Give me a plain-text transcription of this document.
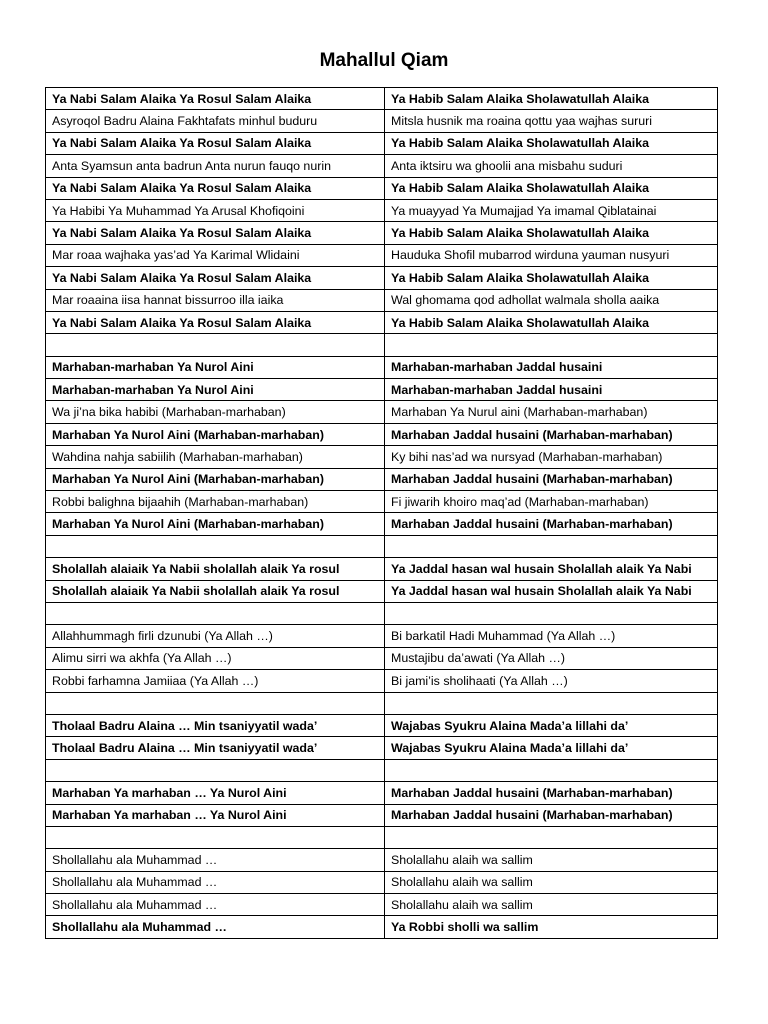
Mahallul Qiam
Ya Nabi Salam Alaika Ya Rosul Salam Alaika	Ya Habib Salam Alaika Sholawatullah Alaika
Asyroqol Badru Alaina Fakhtafats minhul buduru	Mitsla husnik ma roaina qottu yaa wajhas sururi
Ya Nabi Salam Alaika Ya Rosul Salam Alaika	Ya Habib Salam Alaika Sholawatullah Alaika
Anta Syamsun anta badrun Anta nurun fauqo nurin	Anta iktsiru wa ghoolii ana misbahu suduri
Ya Nabi Salam Alaika Ya Rosul Salam Alaika	Ya Habib Salam Alaika Sholawatullah Alaika
Ya Habibi Ya Muhammad Ya Arusal Khofiqoini	Ya muayyad Ya Mumajjad Ya imamal Qiblatainai
Ya Nabi Salam Alaika Ya Rosul Salam Alaika	Ya Habib Salam Alaika Sholawatullah Alaika
Mar roaa wajhaka yas’ad Ya Karimal Wlidaini	Hauduka Shofil mubarrod wirduna yauman nusyuri
Ya Nabi Salam Alaika Ya Rosul Salam Alaika	Ya Habib Salam Alaika Sholawatullah Alaika
Mar roaaina iisa hannat bissurroo illa iaika	Wal ghomama qod adhollat walmala sholla aaika
Ya Nabi Salam Alaika Ya Rosul Salam Alaika	Ya Habib Salam Alaika Sholawatullah Alaika

Marhaban-marhaban Ya Nurol Aini	Marhaban-marhaban Jaddal husaini
Marhaban-marhaban Ya Nurol Aini	Marhaban-marhaban Jaddal husaini
Wa ji’na bika habibi (Marhaban-marhaban)	Marhaban Ya Nurul aini (Marhaban-marhaban)
Marhaban Ya Nurol Aini (Marhaban-marhaban)	Marhaban Jaddal husaini (Marhaban-marhaban)
Wahdina nahja sabiilih (Marhaban-marhaban)	Ky bihi nas’ad wa nursyad (Marhaban-marhaban)
Marhaban Ya Nurol Aini (Marhaban-marhaban)	Marhaban Jaddal husaini (Marhaban-marhaban)
Robbi balighna bijaahih (Marhaban-marhaban)	Fi jiwarih khoiro maq’ad (Marhaban-marhaban)
Marhaban Ya Nurol Aini (Marhaban-marhaban)	Marhaban Jaddal husaini (Marhaban-marhaban)

Sholallah alaiaik Ya Nabii sholallah alaik Ya rosul	Ya Jaddal hasan wal husain Sholallah alaik Ya Nabi
Sholallah alaiaik Ya Nabii sholallah alaik Ya rosul	Ya Jaddal hasan wal husain Sholallah alaik Ya Nabi

Allahhummagh firli dzunubi (Ya Allah …)	Bi barkatil Hadi Muhammad (Ya Allah …)
Alimu sirri wa akhfa (Ya Allah …)	Mustajibu da’awati (Ya Allah …)
Robbi farhamna Jamiiaa (Ya Allah …)	Bi jami’is sholihaati (Ya Allah …)

Tholaal Badru Alaina … Min tsaniyyatil wada’	Wajabas Syukru Alaina Mada’a lillahi da’
Tholaal Badru Alaina … Min tsaniyyatil wada’	Wajabas Syukru Alaina Mada’a lillahi da’

Marhaban Ya marhaban … Ya Nurol Aini	Marhaban Jaddal husaini (Marhaban-marhaban)
Marhaban Ya marhaban … Ya Nurol Aini	Marhaban Jaddal husaini (Marhaban-marhaban)

Shollallahu ala Muhammad …	Sholallahu alaih wa sallim
Shollallahu ala Muhammad …	Sholallahu alaih wa sallim
Shollallahu ala Muhammad …	Sholallahu alaih wa sallim
Shollallahu ala Muhammad …	Ya Robbi sholli wa sallim
